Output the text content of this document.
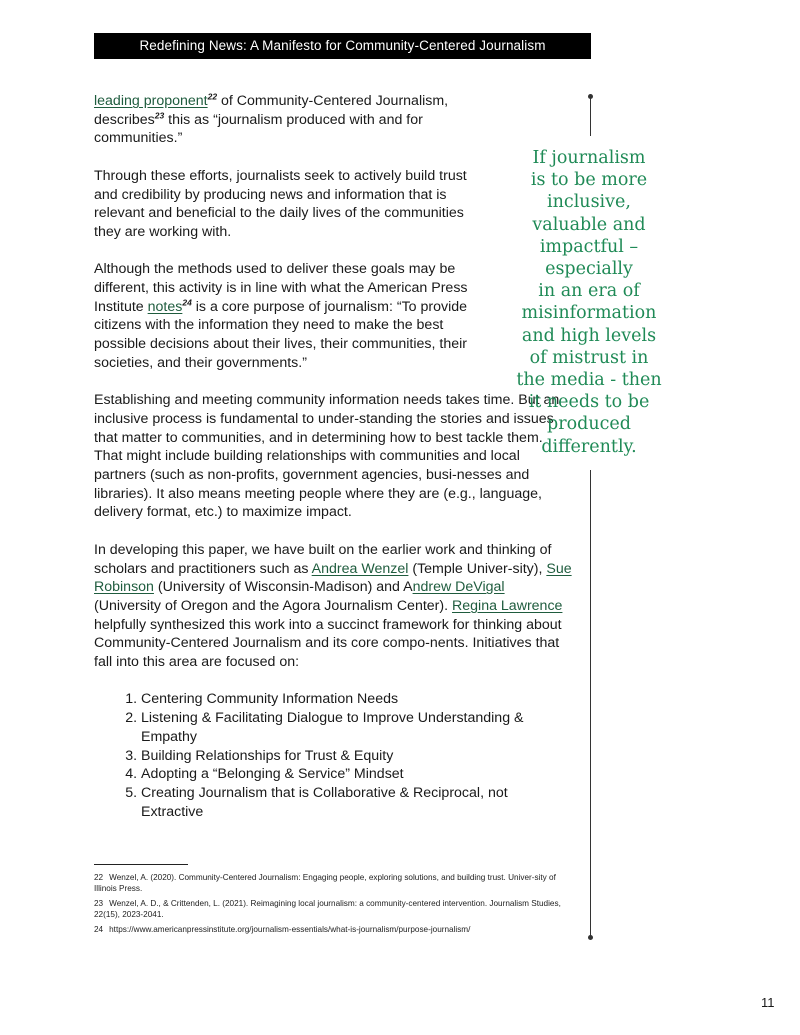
Redefining News: A Manifesto for Community-Centered Journalism

leading proponent$^{22}$ of Community-Centered Journalism, describes$^{23}$ this as “journalism produced with and for communities.”

Through these efforts, journalists seek to actively build trust and credibility by producing news and information that is relevant and beneficial to the daily lives of the communities they are working with.

Although the methods used to deliver these goals may be different, this activity is in line with what the American Press Institute notes$^{24}$ is a core purpose of journalism: “To provide citizens with the information they need to make the best possible decisions about their lives, their communities, their societies, and their governments.”

Establishing and meeting community information needs takes time. But an inclusive process is fundamental to under-standing the stories and issues that matter to communities, and in determining how to best tackle them. That might include building relationships with communities and local partners (such as non-profits, government agencies, busi-nesses and libraries). It also means meeting people where they are (e.g., language, delivery format, etc.) to maximize impact.

In developing this paper, we have built on the earlier work and thinking of scholars and practitioners such as Andrea Wenzel (Temple Univer-sity), Sue Robinson (University of Wisconsin-Madison) and Andrew DeVigal (University of Oregon and the Agora Journalism Center). Regina Lawrence helpfully synthesized this work into a succinct framework for thinking about Community-Centered Journalism and its core compo-nents. Initiatives that fall into this area are focused on:

1. Centering Community Information Needs
2. Listening & Facilitating Dialogue to Improve Understanding & Empathy
3. Building Relationships for Trust & Equity
4. Adopting a “Belonging & Service” Mindset
5. Creating Journalism that is Collaborative & Reciprocal, not Extractive
If journalism
is to be more
inclusive,
valuable and
impactful –
especially
in an era of
misinformation
and high levels
of mistrust in
the media - then
it needs to be
produced
differently.
22 Wenzel, A. (2020). Community-Centered Journalism: Engaging people, exploring solutions, and building trust. Univer-sity of Illinois Press.
23 Wenzel, A. D., & Crittenden, L. (2021). Reimagining local journalism: a community-centered intervention. Journalism Studies, 22(15), 2023-2041.
24 https://www.americanpressinstitute.org/journalism-essentials/what-is-journalism/purpose-journalism/
11
